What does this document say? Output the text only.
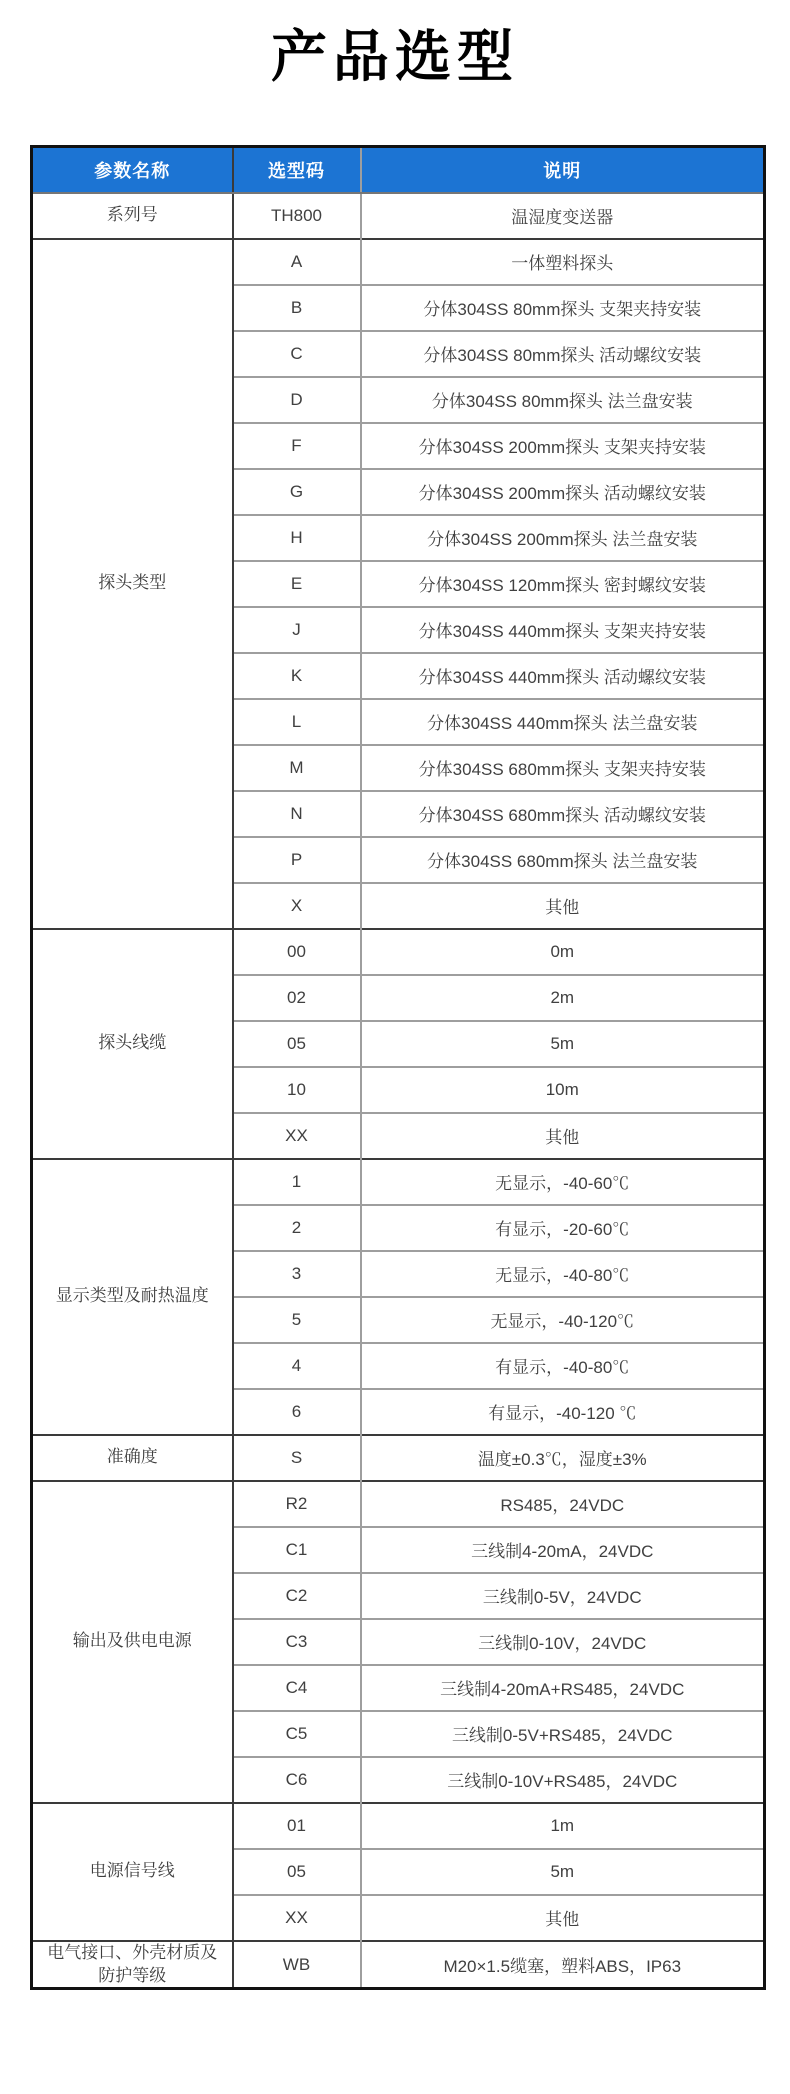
产品选型
参数名称	选型码	说明
系列号	TH800	温湿度变送器
探头类型	A	一体塑料探头
	B	分体304SS 80mm探头 支架夹持安装
	C	分体304SS 80mm探头 活动螺纹安装
	D	分体304SS 80mm探头 法兰盘安装
	F	分体304SS 200mm探头 支架夹持安装
	G	分体304SS 200mm探头 活动螺纹安装
	H	分体304SS 200mm探头 法兰盘安装
	E	分体304SS 120mm探头 密封螺纹安装
	J	分体304SS 440mm探头 支架夹持安装
	K	分体304SS 440mm探头 活动螺纹安装
	L	分体304SS 440mm探头 法兰盘安装
	M	分体304SS 680mm探头 支架夹持安装
	N	分体304SS 680mm探头 活动螺纹安装
	P	分体304SS 680mm探头 法兰盘安装
	X	其他
探头线缆	00	0m
	02	2m
	05	5m
	10	10m
	XX	其他
显示类型及耐热温度	1	无显示，-40-60℃
	2	有显示，-20-60℃
	3	无显示，-40-80℃
	5	无显示，-40-120℃
	4	有显示，-40-80℃
	6	有显示，-40-120 ℃
准确度	S	温度±0.3℃，湿度±3%
输出及供电电源	R2	RS485，24VDC
	C1	三线制4-20mA，24VDC
	C2	三线制0-5V，24VDC
	C3	三线制0-10V，24VDC
	C4	三线制4-20mA+RS485，24VDC
	C5	三线制0-5V+RS485，24VDC
	C6	三线制0-10V+RS485，24VDC
电源信号线	01	1m
	05	5m
	XX	其他
电气接口、外壳材质及防护等级	WB	M20×1.5缆塞，塑料ABS，IP63
